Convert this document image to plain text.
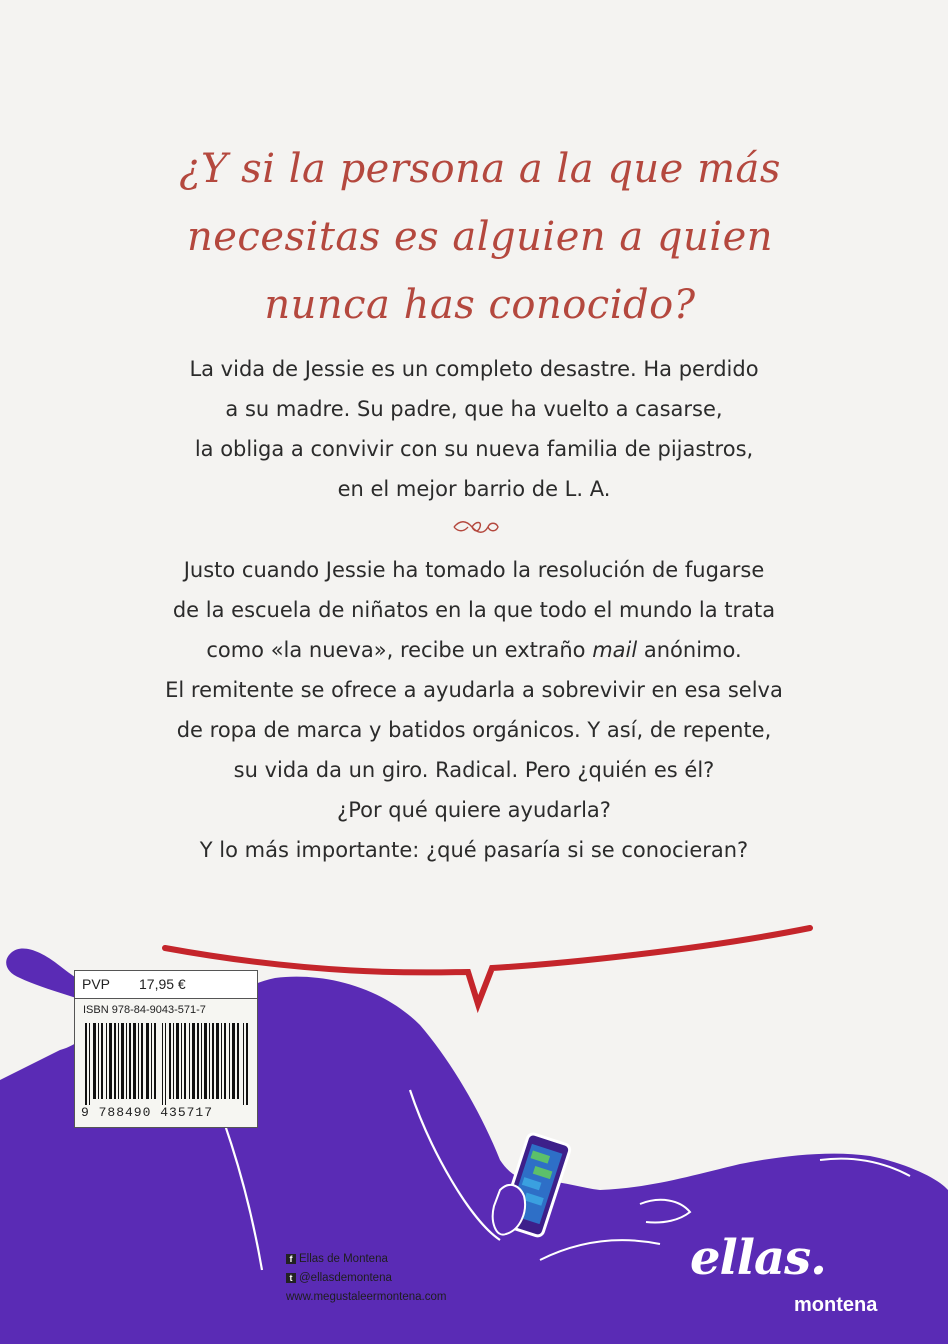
¿Y si la persona a la que más
necesitas es alguien a quien
nunca has conocido?
La vida de Jessie es un completo desastre. Ha perdido
a su madre. Su padre, que ha vuelto a casarse,
la obliga a convivir con su nueva familia de pijastros,
en el mejor barrio de L. A.
Justo cuando Jessie ha tomado la resolución de fugarse
de la escuela de niñatos en la que todo el mundo la trata
como «la nueva», recibe un extraño mail anónimo.
El remitente se ofrece a ayudarla a sobrevivir en esa selva
de ropa de marca y batidos orgánicos. Y así, de repente,
su vida da un giro. Radical. Pero ¿quién es él?
¿Por qué quiere ayudarla?
Y lo más importante: ¿qué pasaría si se conocieran?
PVP 17,95 €
ISBN 978-84-9043-571-7
9 788490 435717
f Ellas de Montena
t @ellasdemontena
www.megustaleermontena.com
ellas.
montena
